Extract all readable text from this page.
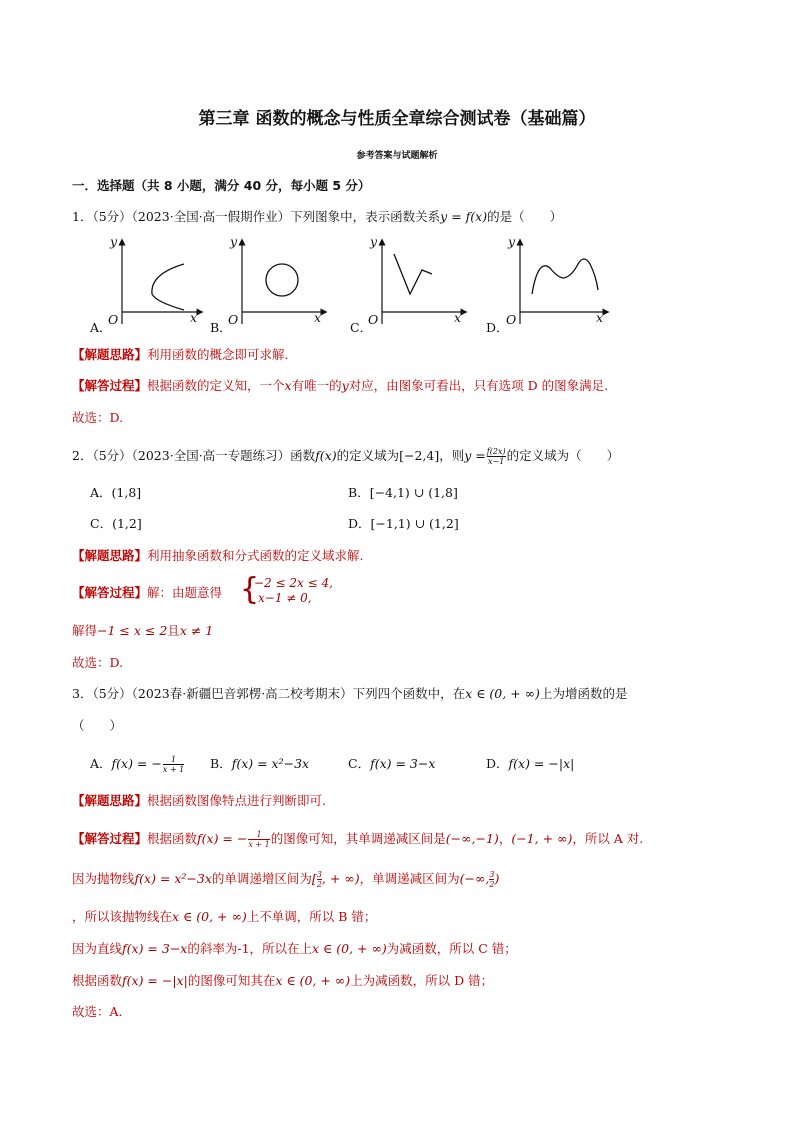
第三章 函数的概念与性质全章综合测试卷（基础篇）
参考答案与试题解析
一．选择题（共 8 小题，满分 40 分，每小题 5 分）
1．（5分）（2023·全国·高一假期作业）下列图象中，表示函数关系y = f(x)的是（　　）
A．	B．	C．	D．
y
x
O
y
x
O
y
x
O
y
x
O
【解题思路】利用函数的概念即可求解.
【解答过程】根据函数的定义知，一个x有唯一的y对应，由图象可看出，只有选项 D 的图象满足.
故选：D.
2．（5分）（2023·全国·高一专题练习）函数f(x)的定义域为[−2,4]，则$y = \frac{f(2x)}{x-1}$ 的定义域为（　　）
A．(1,8]	B．[−4,1) ∪ (1,8]
C．(1,2]	D．[−1,1) ∪ (1,2]
【解题思路】利用抽象函数和分式函数的定义域求解.
【解答过程】解：由题意得 {
−2 ≤ 2x ≤ 4,
x−1 ≠ 0,
解得−1 ≤ x ≤ 2且x ≠ 1
故选：D.
3．（5分）（2023春·新疆巴音郭楞·高二校考期末）下列四个函数中，在x ∈ (0, + ∞)上为增函数的是
（　　）
A．f(x) = − $\frac{1}{x + 1}$ B．f(x) = x²−3x	C．f(x) = 3−x	D．f(x) = −|x|
【解题思路】根据函数图像特点进行判断即可.
【解答过程】根据函数f(x) = − $\frac{1}{x + 1}$ 的图像可知，其单调递减区间是(−∞,−1)，(−1, + ∞)，所以 A 对.
因为抛物线f(x) = x²−3x的单调递增区间为[ $\frac{3}{2}$ , + ∞)，单调递减区间为(−∞, $\frac{3}{2}$ )
，所以该抛物线在x ∈ (0, + ∞)上不单调，所以 B 错；
因为直线f(x) = 3−x的斜率为-1，所以在上x ∈ (0, + ∞)为减函数，所以 C 错；
根据函数f(x) = −|x|的图像可知其在x ∈ (0, + ∞)上为减函数，所以 D 错；
故选：A.
